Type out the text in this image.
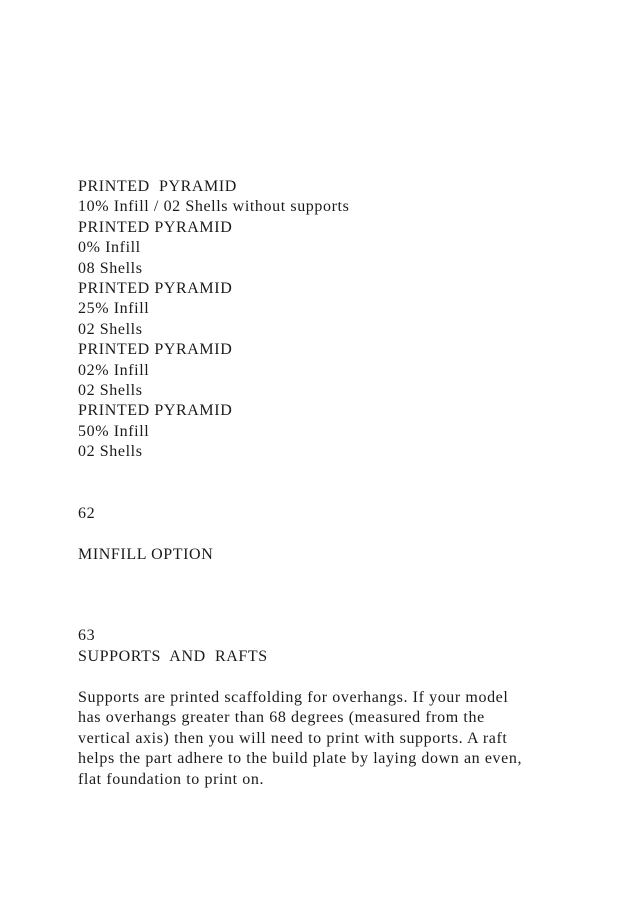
PRINTED  PYRAMID
10% Infill / 02 Shells without supports
PRINTED PYRAMID
0% Infill
08 Shells
PRINTED PYRAMID
25% Infill
02 Shells
PRINTED PYRAMID
02% Infill
02 Shells
PRINTED PYRAMID
50% Infill
02 Shells
62
MINFILL OPTION
63
SUPPORTS  AND  RAFTS
Supports are printed scaffolding for overhangs. If your model
has overhangs greater than 68 degrees (measured from the
vertical axis) then you will need to print with supports. A raft
helps the part adhere to the build plate by laying down an even,
flat foundation to print on.
